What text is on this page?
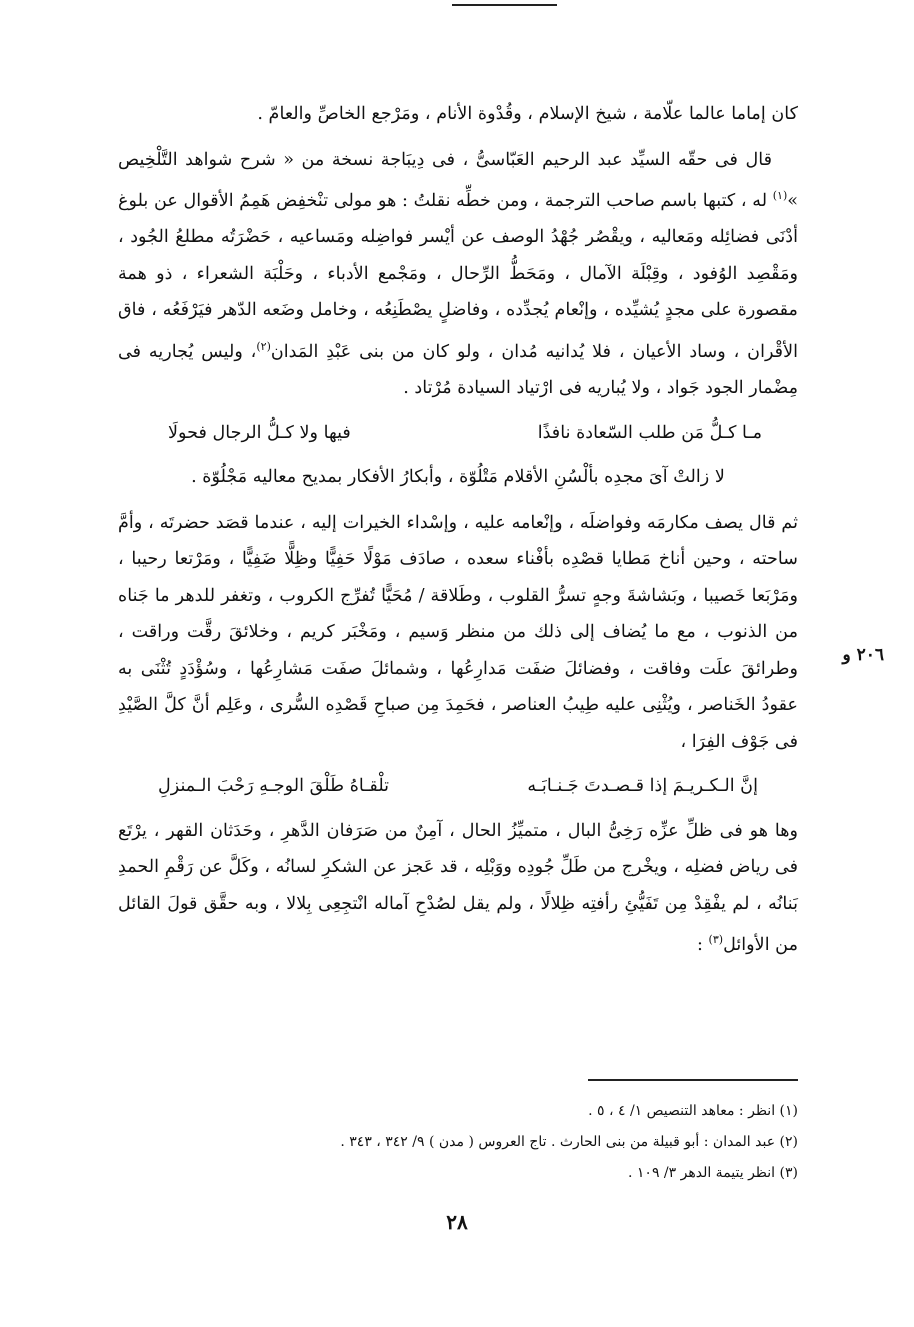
كان إماما عالما علّامة ، شيخ الإسلام ، وقُدْوة الأنام ، ومَرْجع الخاصِّ والعامّ .

قال فى حقّه السيِّد عبد الرحيم العَبّاسىُّ ، فى دِيبَاجة نسخة من « شرح شواهد التَّلْخِيص »$^{(١)}$ له ، كتبها باسم صاحب الترجمة ، ومن خطِّه نقلتُ : هو مولى تنْخفِض هَمِمُ الأقوال عن بلوغ أدْنَى فضائِله ومَعاليه ، ويقْصُر جُهْدُ الوصف عن أيْسر فواضِله ومَساعيه ، حَضْرَتُه مطلعُ الجُود ، ومَقْصِد الوُفود ، وقِبْلَة الآمال ، ومَحَطُّ الرِّحال ، ومَجْمع الأدباء ، وحَلْبَة الشعراء ، ذو همة مقصورة على مجدٍ يُشيِّده ، وإنْعام يُجدِّده ، وفاضلٍ يصْطَنِعُه ، وخامل وضَعه الدّهر فيَرْفَعُه ، فاق الأقْران ، وساد الأعيان ، فلا يُدانيه مُدان ، ولو كان من بنى عَبْدِ المَدان$^{(٢)}$، وليس يُجاريه فى مِضْمار الجود جَواد ، ولا يُباريه فى ارْتياد السيادة مُرْتاد .

مـا كـلُّ مَن طلب السّعادة نافذًا
فيها ولا كـلُّ الرجال فحولَا

لا زالتْ آىَ مجدِه بألْسُنِ الأقلام مَتْلُوّة ، وأبكارُ الأفكار بمديح معاليه مَجْلُوّة .

ثم قال يصف مكارمَه وفواضلَه ، وإنْعامه عليه ، وإسْداء الخيرات إليه ، عندما قصَد حضرتَه ، وأمَّ ساحته ، وحين أناخ مَطايا قصْدِه بأفْناء سعده ، صادَف مَوْلًا حَفِيًّا وظِلًّا ضَفِيًّا ، ومَرْتعا رحيبا ، ومَرْبَعا خَصيبا ، وبَشاشةَ وجهٍ تسرُّ القلوب ، وطَلاقة / مُحَيًّا تُفرِّج الكروب ، وتغفر للدهر ما جَناه من الذنوب ، مع ما يُضاف إلى ذلك من منظر وَسيم ، ومَخْبَر كريم ، وخلائقَ رقَّت وراقت ، وطرائقَ علَت وفاقت ، وفضائلَ ضفَت مَدارِعُها ، وشمائلَ صفَت مَشارِعُها ، وسُؤْدَدٍ تُثْنَى به عقودُ الخَناصر ، ويُثْنِى عليه طِيبُ العناصر ، فحَمِدَ مِن صباحِ قَصْدِه السُّرى ، وعَلِم أنَّ كلَّ الصَّيْدِ فى جَوْف الفِرَا ،

إنَّ الـكـريـمَ إذا قـصـدتَ جَـنـابَـه
تلْقـاهُ طَلْقَ الوجـهِ رَحْبَ الـمنزلِ

وها هو فى ظلِّ عزِّه رَخِىُّ البال ، متميِّزُ الحال ، آمِنٌ من صَرَفان الدَّهرِ ، وحَدَثان القهر ، يرْتَع فى رياض فضلِه ، ويخْرج من طَلِّ جُودِه ووَبْلِه ، قد عَجز عن الشكرِ لسانُه ، وكَلَّ عن رَقْمِ الحمدِ بَنانُه ، لم يفْقِدْ مِن تَفَيُّئِ رأفتِه ظِلالًا ، ولم يقل لصُدْحِ آماله انْتجِعِى بِلالا ، وبه حقَّق قولَ القائل من الأوائل$^{(٣)}$ :

٢٠٦ و

(١) انظر : معاهد التنصيص ١/ ٤ ، ٥ .

(٢) عبد المدان : أبو قبيلة من بنى الحارث . تاج العروس ( مدن ) ٩/ ٣٤٢ ، ٣٤٣ .

(٣) انظر يتيمة الدهر ٣/ ١٠٩ .

٢٨
